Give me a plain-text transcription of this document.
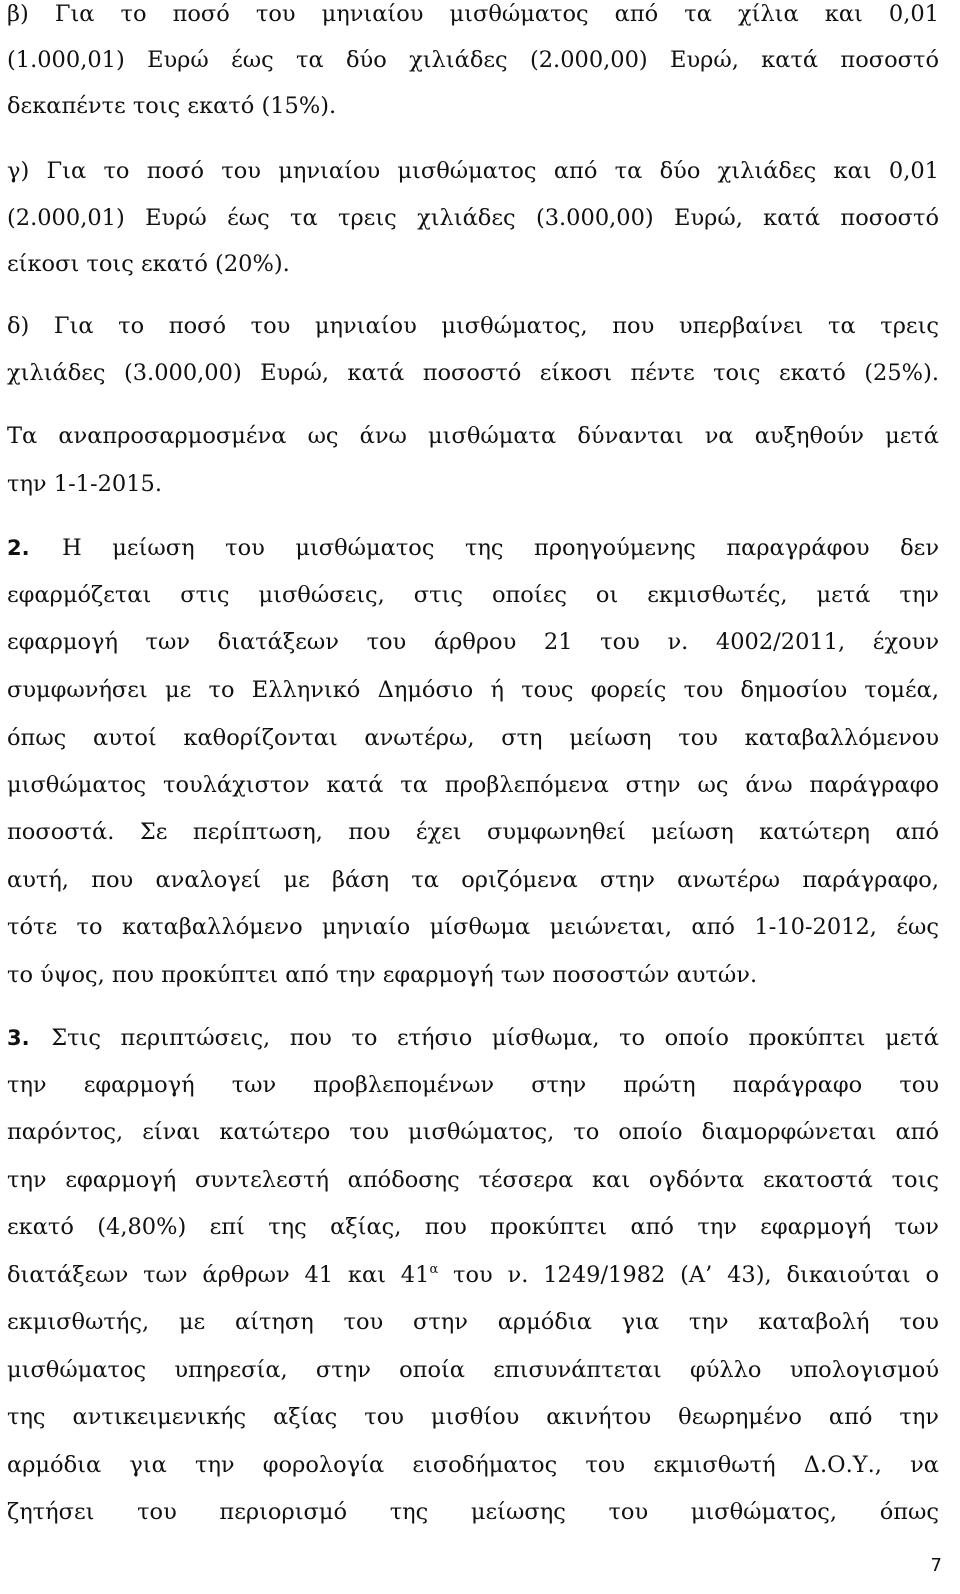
β) Για το ποσό του μηνιαίου μισθώματος από τα χίλια και 0,01
(1.000,01) Ευρώ έως τα δύο χιλιάδες (2.000,00) Ευρώ, κατά ποσοστό
δεκαπέντε τοις εκατό (15%).
γ) Για το ποσό του μηνιαίου μισθώματος από τα δύο χιλιάδες και 0,01
(2.000,01) Ευρώ έως τα τρεις χιλιάδες (3.000,00) Ευρώ, κατά ποσοστό
είκοσι τοις εκατό (20%).
δ) Για το ποσό του μηνιαίου μισθώματος, που υπερβαίνει τα τρεις
χιλιάδες (3.000,00) Ευρώ, κατά ποσοστό είκοσι πέντε τοις εκατό (25%).
Τα αναπροσαρμοσμένα ως άνω μισθώματα δύνανται να αυξηθούν μετά
την 1-1-2015.
2. Η μείωση του μισθώματος της προηγούμενης παραγράφου δεν
εφαρμόζεται στις μισθώσεις, στις οποίες οι εκμισθωτές, μετά την
εφαρμογή των διατάξεων του άρθρου 21 του ν. 4002/2011, έχουν
συμφωνήσει με το Ελληνικό Δημόσιο ή τους φορείς του δημοσίου τομέα,
όπως αυτοί καθορίζονται ανωτέρω, στη μείωση του καταβαλλόμενου
μισθώματος τουλάχιστον κατά τα προβλεπόμενα στην ως άνω παράγραφο
ποσοστά. Σε περίπτωση, που έχει συμφωνηθεί μείωση κατώτερη από
αυτή, που αναλογεί με βάση τα οριζόμενα στην ανωτέρω παράγραφο,
τότε το καταβαλλόμενο μηνιαίο μίσθωμα μειώνεται, από 1-10-2012, έως
το ύψος, που προκύπτει από την εφαρμογή των ποσοστών αυτών.
3. Στις περιπτώσεις, που το ετήσιο μίσθωμα, το οποίο προκύπτει μετά
την εφαρμογή των προβλεπομένων στην πρώτη παράγραφο του
παρόντος, είναι κατώτερο του μισθώματος, το οποίο διαμορφώνεται από
την εφαρμογή συντελεστή απόδοσης τέσσερα και ογδόντα εκατοστά τοις
εκατό (4,80%) επί της αξίας, που προκύπτει από την εφαρμογή των
διατάξεων των άρθρων 41 και $41^\alpha$ του ν. 1249/1982 (Α’ 43), δικαιούται ο
εκμισθωτής, με αίτηση του στην αρμόδια για την καταβολή του
μισθώματος υπηρεσία, στην οποία επισυνάπτεται φύλλο υπολογισμού
της αντικειμενικής αξίας του μισθίου ακινήτου θεωρημένο από την
αρμόδια για την φορολογία εισοδήματος του εκμισθωτή Δ.Ο.Υ., να
ζητήσει του περιορισμό της μείωσης του μισθώματος, όπως
7
